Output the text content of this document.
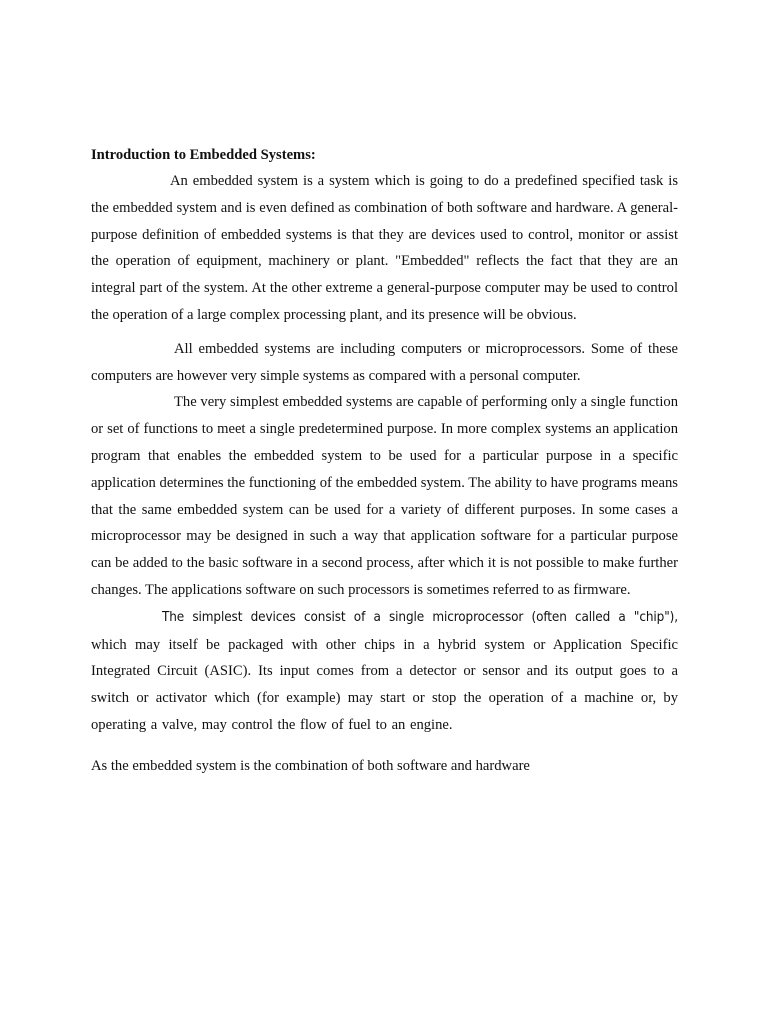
Introduction to Embedded Systems:

An embedded system is a system which is going to do a predefined specified task is the embedded system and is even defined as combination of both software and hardware. A general-purpose definition of embedded systems is that they are devices used to control, monitor or assist the operation of equipment, machinery or plant. "Embedded" reflects the fact that they are an integral part of the system. At the other extreme a general-purpose computer may be used to control the operation of a large complex processing plant, and its presence will be obvious.

All embedded systems are including computers or microprocessors. Some of these computers are however very simple systems as compared with a personal computer.

The very simplest embedded systems are capable of performing only a single function or set of functions to meet a single predetermined purpose. In more complex systems an application program that enables the embedded system to be used for a particular purpose in a specific application determines the functioning of the embedded system. The ability to have programs means that the same embedded system can be used for a variety of different purposes. In some cases a microprocessor may be designed in such a way that application software for a particular purpose can be added to the basic software in a second process, after which it is not possible to make further changes. The applications software on such processors is sometimes referred to as firmware.

The simplest devices consist of a single microprocessor (often called a "chip"), which may itself be packaged with other chips in a hybrid system or Application Specific Integrated Circuit (ASIC). Its input comes from a detector or sensor and its output goes to a switch or activator which (for example) may start or stop the operation of a machine or, by operating a valve, may control the flow of fuel to an engine.

As the embedded system is the combination of both software and hardware
